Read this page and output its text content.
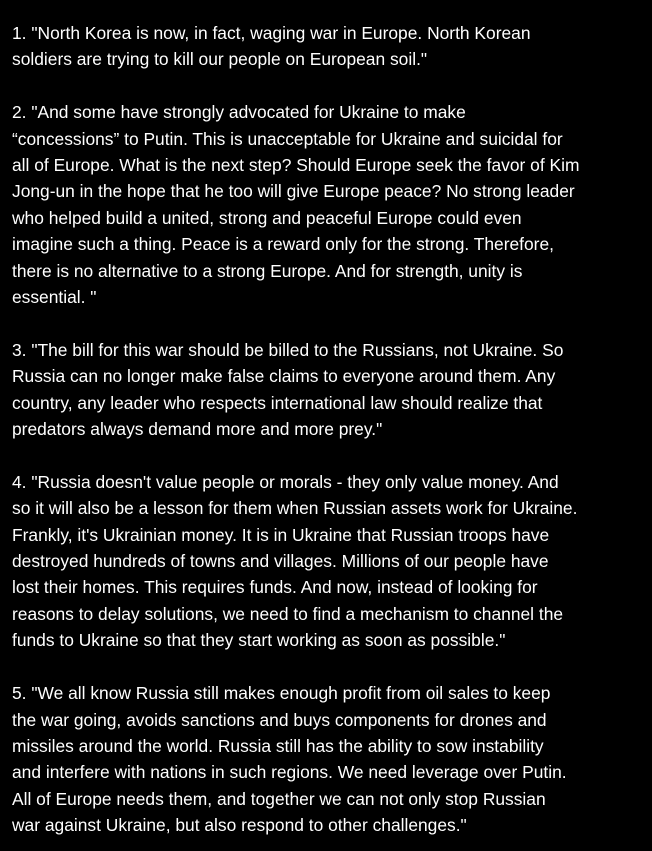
1. "North Korea is now, in fact, waging war in Europe. North Korean
soldiers are trying to kill our people on European soil."

2. "And some have strongly advocated for Ukraine to make
“concessions” to Putin. This is unacceptable for Ukraine and suicidal for
all of Europe. What is the next step? Should Europe seek the favor of Kim
Jong-un in the hope that he too will give Europe peace? No strong leader
who helped build a united, strong and peaceful Europe could even
imagine such a thing. Peace is a reward only for the strong. Therefore,
there is no alternative to a strong Europe. And for strength, unity is
essential. "

3. "The bill for this war should be billed to the Russians, not Ukraine. So
Russia can no longer make false claims to everyone around them. Any
country, any leader who respects international law should realize that
predators always demand more and more prey."

4. "Russia doesn't value people or morals - they only value money. And
so it will also be a lesson for them when Russian assets work for Ukraine.
Frankly, it's Ukrainian money. It is in Ukraine that Russian troops have
destroyed hundreds of towns and villages. Millions of our people have
lost their homes. This requires funds. And now, instead of looking for
reasons to delay solutions, we need to find a mechanism to channel the
funds to Ukraine so that they start working as soon as possible."

5. "We all know Russia still makes enough profit from oil sales to keep
the war going, avoids sanctions and buys components for drones and
missiles around the world. Russia still has the ability to sow instability
and interfere with nations in such regions. We need leverage over Putin.
All of Europe needs them, and together we can not only stop Russian
war against Ukraine, but also respond to other challenges."
